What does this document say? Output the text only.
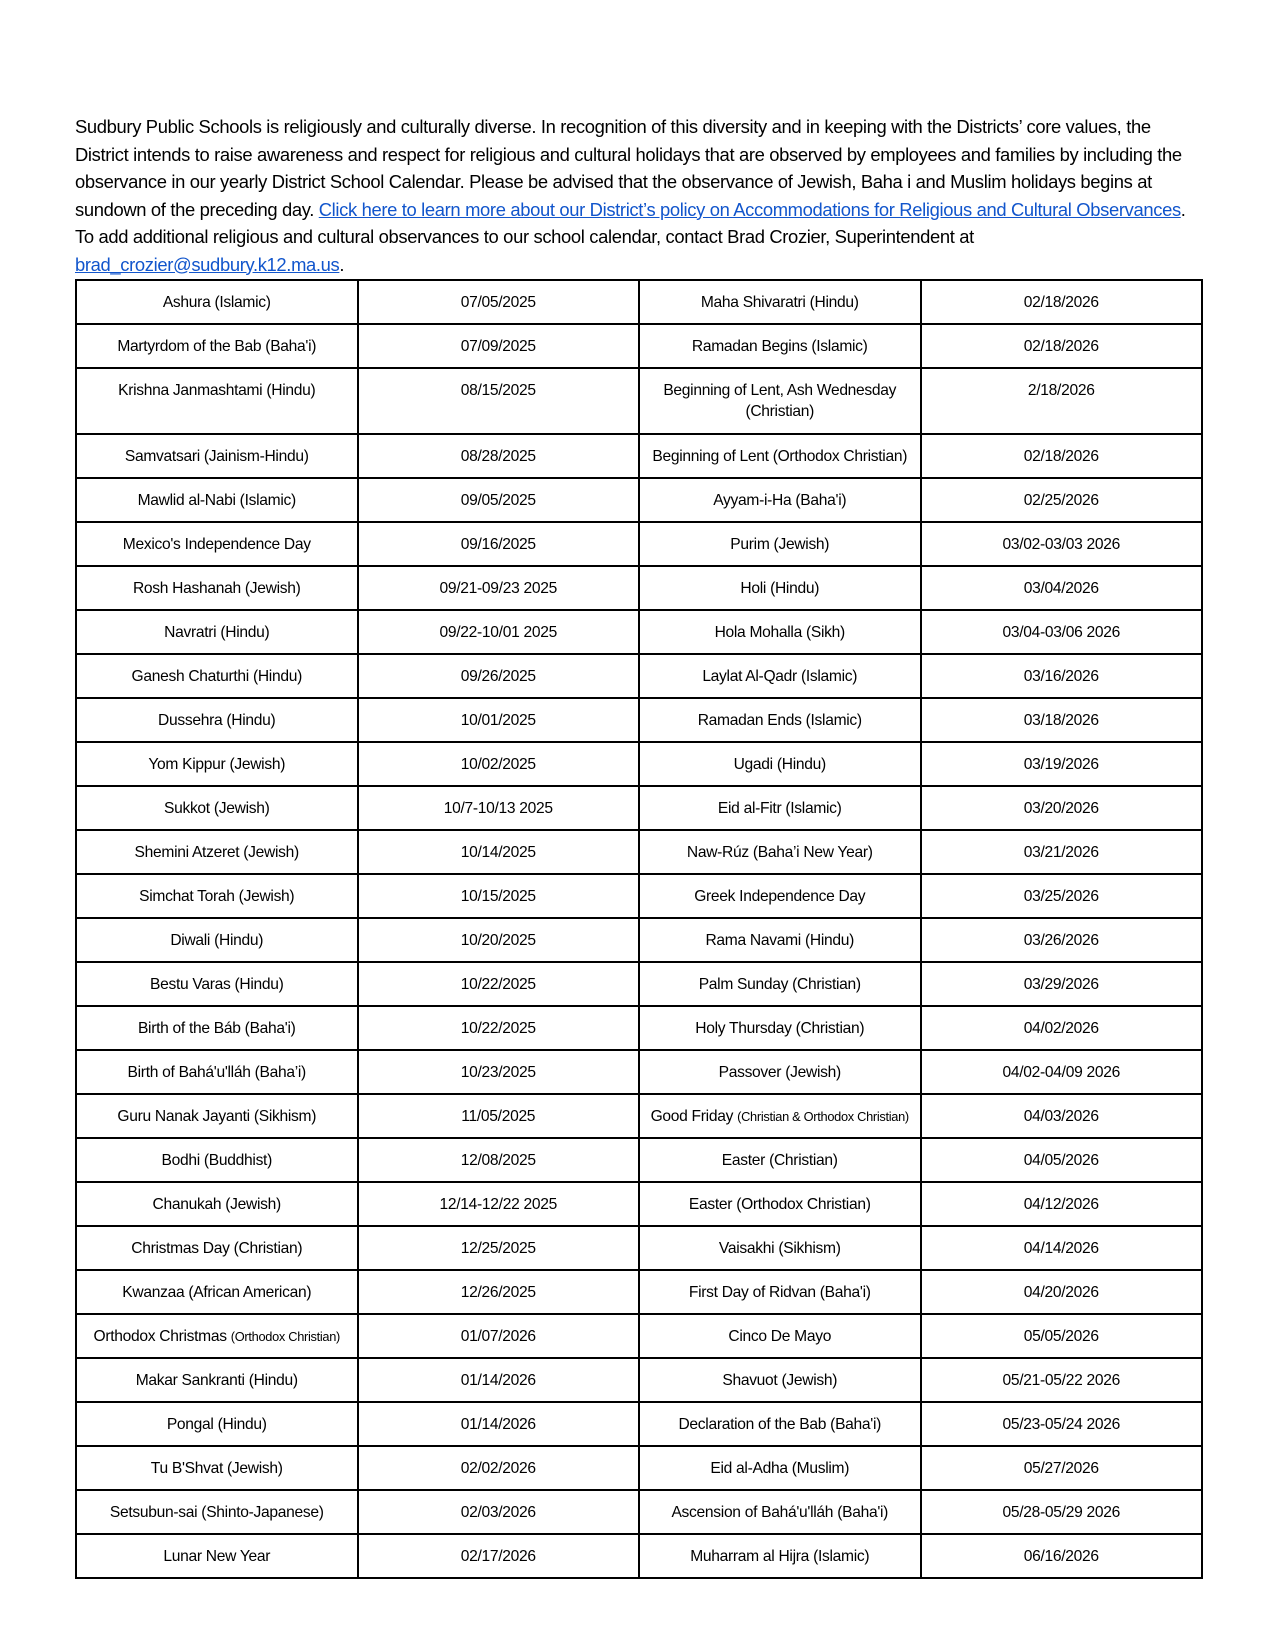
Sudbury Public Schools is religiously and culturally diverse. In recognition of this diversity and in keeping with the Districts’ core values, the District intends to raise awareness and respect for religious and cultural holidays that are observed by employees and families by including the observance in our yearly District School Calendar. Please be advised that the observance of Jewish, Baha i and Muslim holidays begins at sundown of the preceding day. Click here to learn more about our District’s policy on Accommodations for Religious and Cultural Observances. To add additional religious and cultural observances to our school calendar, contact Brad Crozier, Superintendent at brad_crozier@sudbury.k12.ma.us.
Ashura (Islamic)	07/05/2025	Maha Shivaratri (Hindu)	02/18/2026
Martyrdom of the Bab (Baha'i)	07/09/2025	Ramadan Begins (Islamic)	02/18/2026
Krishna Janmashtami (Hindu)	08/15/2025	Beginning of Lent, Ash Wednesday (Christian)	2/18/2026
Samvatsari (Jainism-Hindu)	08/28/2025	Beginning of Lent (Orthodox Christian)	02/18/2026
Mawlid al-Nabi (Islamic)	09/05/2025	Ayyam-i-Ha (Baha'i)	02/25/2026
Mexico's Independence Day	09/16/2025	Purim (Jewish)	03/02-03/03 2026
Rosh Hashanah (Jewish)	09/21-09/23 2025	Holi (Hindu)	03/04/2026
Navratri (Hindu)	09/22-10/01 2025	Hola Mohalla (Sikh)	03/04-03/06 2026
Ganesh Chaturthi (Hindu)	09/26/2025	Laylat Al-Qadr (Islamic)	03/16/2026
Dussehra (Hindu)	10/01/2025	Ramadan Ends (Islamic)	03/18/2026
Yom Kippur (Jewish)	10/02/2025	Ugadi (Hindu)	03/19/2026
Sukkot (Jewish)	10/7-10/13 2025	Eid al-Fitr (Islamic)	03/20/2026
Shemini Atzeret (Jewish)	10/14/2025	Naw-Rúz (Baha’i New Year)	03/21/2026
Simchat Torah (Jewish)	10/15/2025	Greek Independence Day	03/25/2026
Diwali (Hindu)	10/20/2025	Rama Navami (Hindu)	03/26/2026
Bestu Varas (Hindu)	10/22/2025	Palm Sunday (Christian)	03/29/2026
Birth of the Báb (Baha'i)	10/22/2025	Holy Thursday (Christian)	04/02/2026
Birth of Bahá'u'lláh (Baha’i)	10/23/2025	Passover (Jewish)	04/02-04/09 2026
Guru Nanak Jayanti (Sikhism)	11/05/2025	Good Friday (Christian & Orthodox Christian)	04/03/2026
Bodhi (Buddhist)	12/08/2025	Easter (Christian)	04/05/2026
Chanukah (Jewish)	12/14-12/22 2025	Easter (Orthodox Christian)	04/12/2026
Christmas Day (Christian)	12/25/2025	Vaisakhi (Sikhism)	04/14/2026
Kwanzaa (African American)	12/26/2025	First Day of Ridvan (Baha'i)	04/20/2026
Orthodox Christmas (Orthodox Christian)	01/07/2026	Cinco De Mayo	05/05/2026
Makar Sankranti (Hindu)	01/14/2026	Shavuot (Jewish)	05/21-05/22 2026
Pongal (Hindu)	01/14/2026	Declaration of the Bab (Baha'i)	05/23-05/24 2026
Tu B'Shvat (Jewish)	02/02/2026	Eid al-Adha (Muslim)	05/27/2026
Setsubun-sai (Shinto-Japanese)	02/03/2026	Ascension of Bahá'u'lláh (Baha'i)	05/28-05/29 2026
Lunar New Year	02/17/2026	Muharram al Hijra (Islamic)	06/16/2026
